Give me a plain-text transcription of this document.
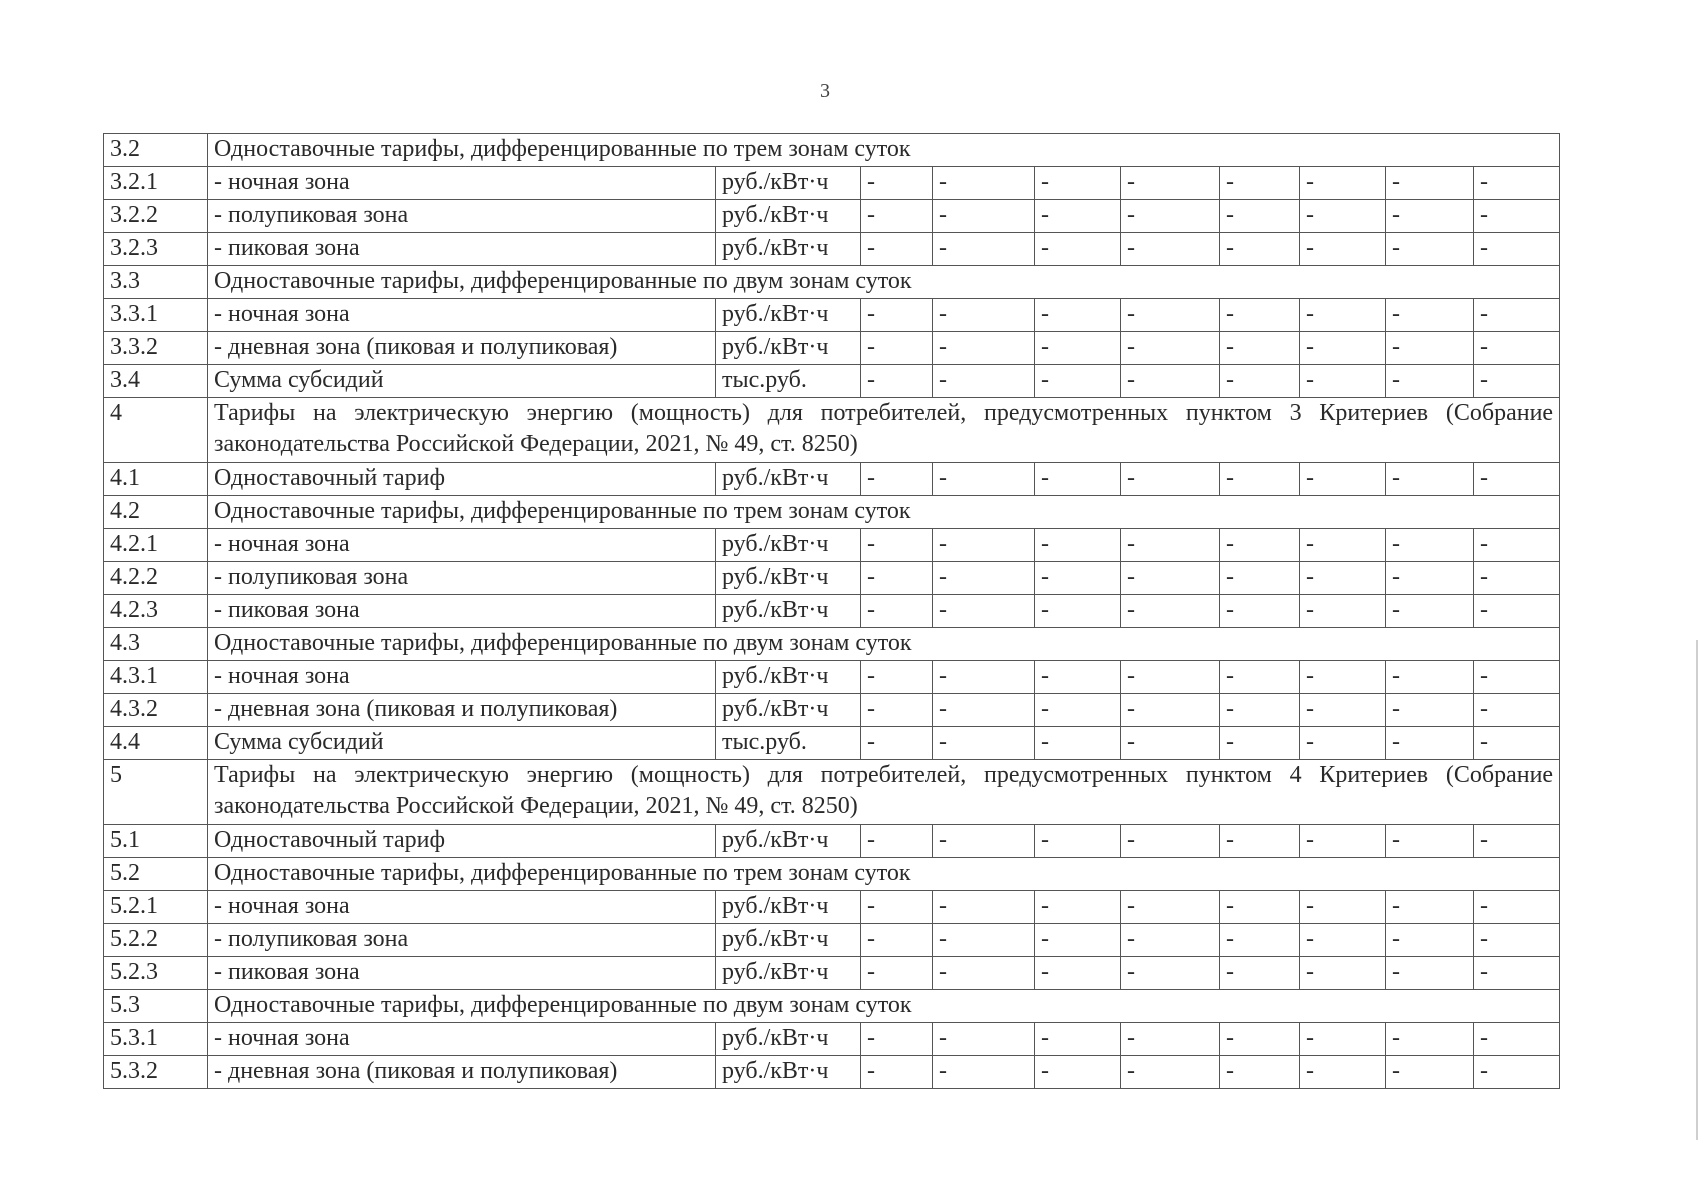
3
3.2	Одноставочные тарифы, дифференцированные по трем зонам суток									
3.2.1	- ночная зона	руб./кВт·ч	-	-	-	-	-	-	-	-
3.2.2	- полупиковая зона	руб./кВт·ч	-	-	-	-	-	-	-	-
3.2.3	- пиковая зона	руб./кВт·ч	-	-	-	-	-	-	-	-
3.3	Одноставочные тарифы, дифференцированные по двум зонам суток									
3.3.1	- ночная зона	руб./кВт·ч	-	-	-	-	-	-	-	-
3.3.2	- дневная зона (пиковая и полупиковая)	руб./кВт·ч	-	-	-	-	-	-	-	-
3.4	Сумма субсидий	тыс.руб.	-	-	-	-	-	-	-	-
4	Тарифы на электрическую энергию (мощность) для потребителей, предусмотренных пунктом 3 Критериев (Собрание законодательства Российской Федерации, 2021, № 49, ст. 8250)									
4.1	Одноставочный тариф	руб./кВт·ч	-	-	-	-	-	-	-	-
4.2	Одноставочные тарифы, дифференцированные по трем зонам суток									
4.2.1	- ночная зона	руб./кВт·ч	-	-	-	-	-	-	-	-
4.2.2	- полупиковая зона	руб./кВт·ч	-	-	-	-	-	-	-	-
4.2.3	- пиковая зона	руб./кВт·ч	-	-	-	-	-	-	-	-
4.3	Одноставочные тарифы, дифференцированные по двум зонам суток									
4.3.1	- ночная зона	руб./кВт·ч	-	-	-	-	-	-	-	-
4.3.2	- дневная зона (пиковая и полупиковая)	руб./кВт·ч	-	-	-	-	-	-	-	-
4.4	Сумма субсидий	тыс.руб.	-	-	-	-	-	-	-	-
5	Тарифы на электрическую энергию (мощность) для потребителей, предусмотренных пунктом 4 Критериев (Собрание законодательства Российской Федерации, 2021, № 49, ст. 8250)									
5.1	Одноставочный тариф	руб./кВт·ч	-	-	-	-	-	-	-	-
5.2	Одноставочные тарифы, дифференцированные по трем зонам суток									
5.2.1	- ночная зона	руб./кВт·ч	-	-	-	-	-	-	-	-
5.2.2	- полупиковая зона	руб./кВт·ч	-	-	-	-	-	-	-	-
5.2.3	- пиковая зона	руб./кВт·ч	-	-	-	-	-	-	-	-
5.3	Одноставочные тарифы, дифференцированные по двум зонам суток									
5.3.1	- ночная зона	руб./кВт·ч	-	-	-	-	-	-	-	-
5.3.2	- дневная зона (пиковая и полупиковая)	руб./кВт·ч	-	-	-	-	-	-	-	-
